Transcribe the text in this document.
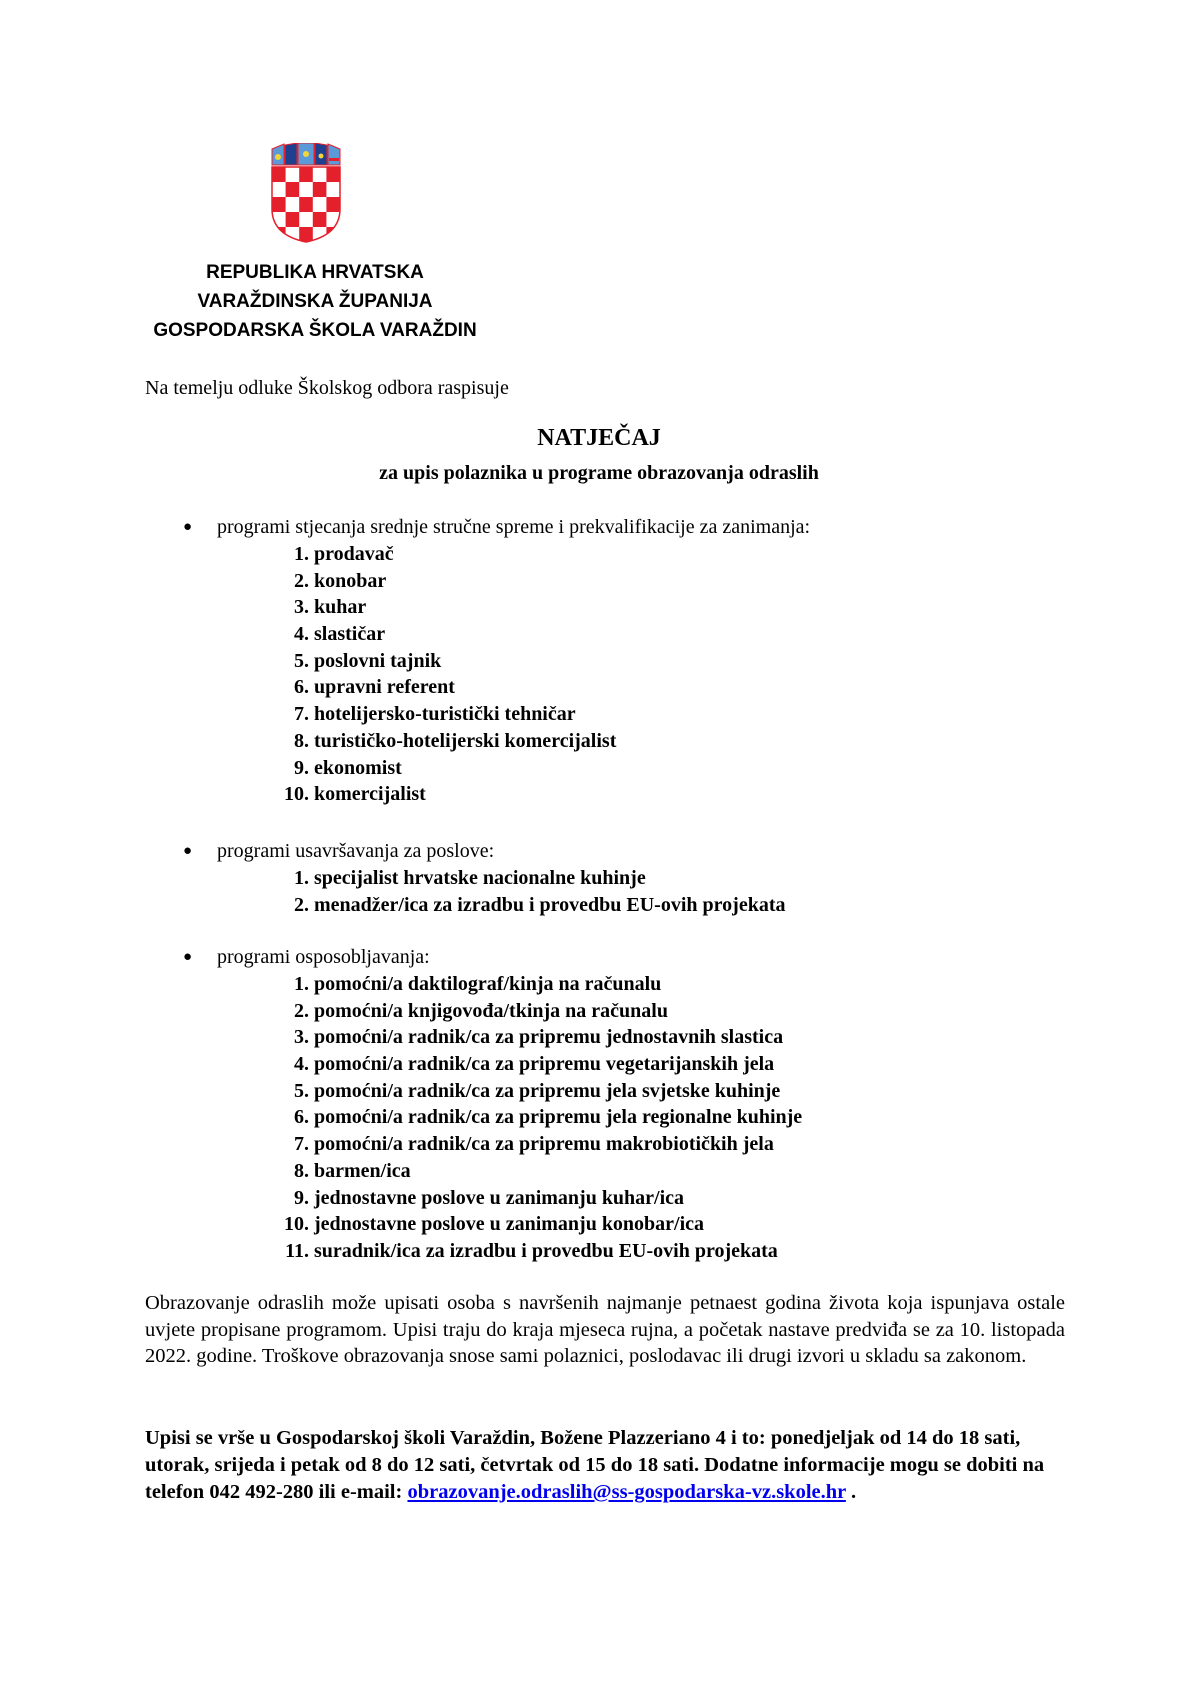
REPUBLIKA HRVATSKA
VARAŽDINSKA ŽUPANIJA
GOSPODARSKA ŠKOLA VARAŽDIN
Na temelju odluke Školskog odbora raspisuje
NATJEČAJ
za upis polaznika u programe obrazovanja odraslih
● programi stjecanja srednje stručne spreme i prekvalifikacije za zanimanja:
1. prodavač
2. konobar
3. kuhar
4. slastičar
5. poslovni tajnik
6. upravni referent
7. hotelijersko-turistički tehničar
8. turističko-hotelijerski komercijalist
9. ekonomist
10. komercijalist
● programi usavršavanja za poslove:
1. specijalist hrvatske nacionalne kuhinje
2. menadžer/ica za izradbu i provedbu EU-ovih projekata
● programi osposobljavanja:
1. pomoćni/a daktilograf/kinja na računalu
2. pomoćni/a knjigovođa/tkinja na računalu
3. pomoćni/a radnik/ca za pripremu jednostavnih slastica
4. pomoćni/a radnik/ca za pripremu vegetarijanskih jela
5. pomoćni/a radnik/ca za pripremu jela svjetske kuhinje
6. pomoćni/a radnik/ca za pripremu jela regionalne kuhinje
7. pomoćni/a radnik/ca za pripremu makrobiotičkih jela
8. barmen/ica
9. jednostavne poslove u zanimanju kuhar/ica
10. jednostavne poslove u zanimanju konobar/ica
11. suradnik/ica za izradbu i provedbu EU-ovih projekata
Obrazovanje odraslih može upisati osoba s navršenih najmanje petnaest godina života koja ispunjava ostale uvjete propisane programom. Upisi traju do kraja mjeseca rujna, a početak nastave predviđa se za 10. listopada 2022. godine. Troškove obrazovanja snose sami polaznici, poslodavac ili drugi izvori u skladu sa zakonom.
Upisi se vrše u Gospodarskoj školi Varaždin, Božene Plazzeriano 4 i to: ponedjeljak od 14 do 18 sati, utorak, srijeda i petak od 8 do 12 sati, četvrtak od 15 do 18 sati. Dodatne informacije mogu se dobiti na telefon 042 492-280 ili e-mail: obrazovanje.odraslih@ss-gospodarska-vz.skole.hr .
